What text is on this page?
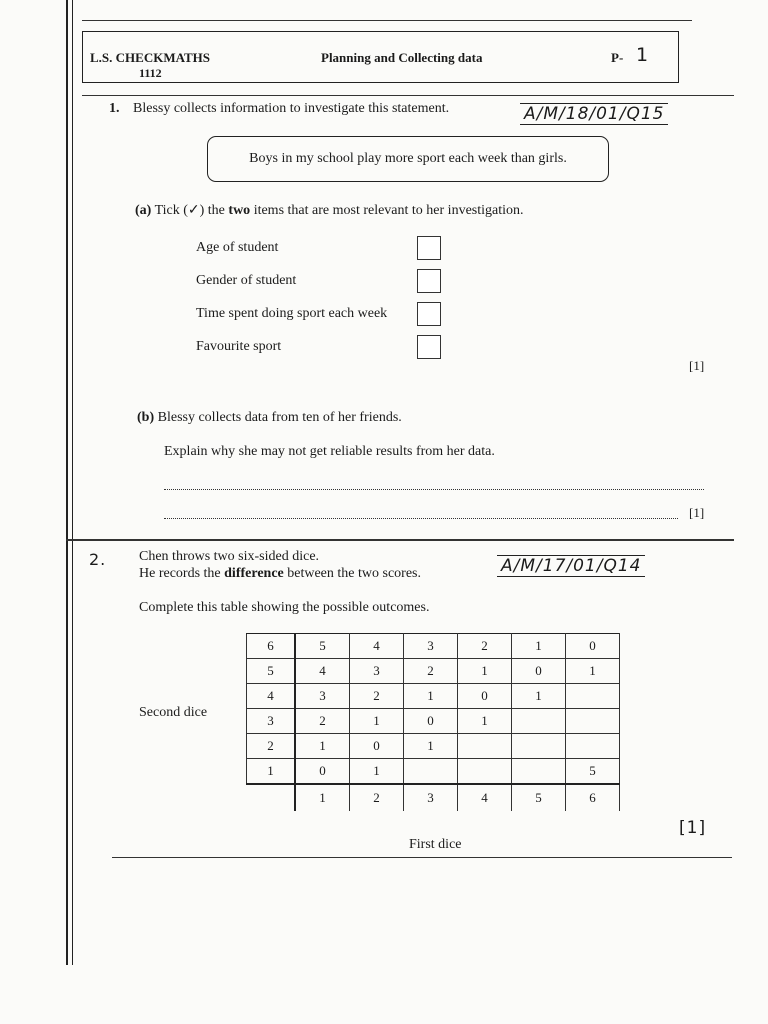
L.S. CHECKMATHS
1112
Planning and Collecting data	P- 1
1. Blessy collects information to investigate this statement.	A/M/18/01/Q15
Boys in my school play more sport each week than girls.
(a) Tick (✓) the two items that are most relevant to her investigation.
Age of student
Gender of student
Time spent doing sport each week
Favourite sport
[1]
(b) Blessy collects data from ten of her friends.
Explain why she may not get reliable results from her data.
[1]
2. Chen throws two six-sided dice.
He records the difference between the two scores.	A/M/17/01/Q14
Complete this table showing the possible outcomes.
Second dice
6	5	4	3	2	1	0
5	4	3	2	1	0	1
4	3	2	1	0	1	
3	2	1	0	1		
2	1	0	1			
1	0	1				5
	1	2	3	4	5	6
First dice
[1]
